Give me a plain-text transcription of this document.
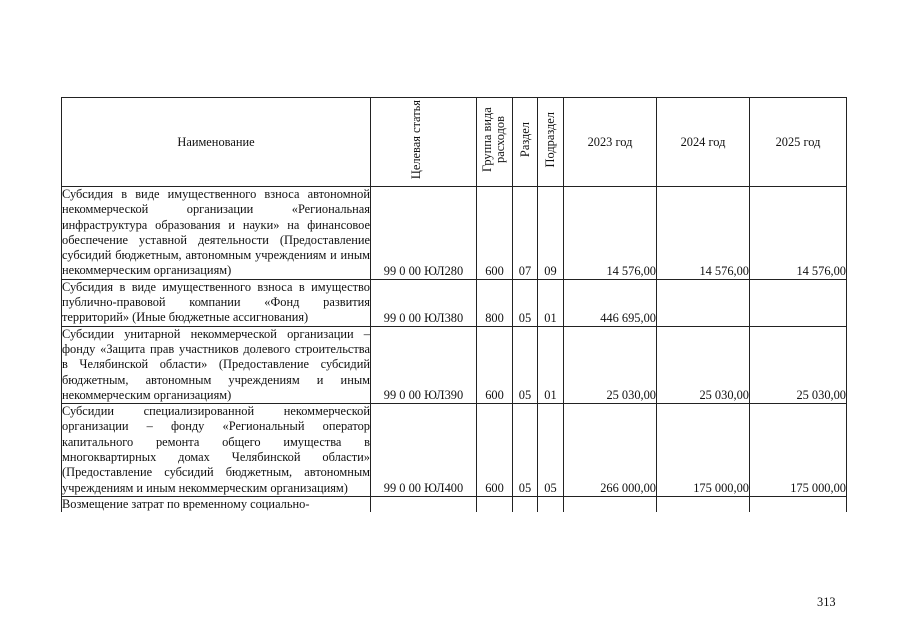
Наименование	Целевая статья	Группа вида расходов	Раздел	Подраздел	2023 год	2024 год	2025 год
Субсидия в виде имущественного взноса автономной некоммерческой организации «Региональная инфраструктура образования и науки» на финансовое обеспечение уставной деятельности (Предоставление субсидий бюджетным, автономным учреждениям и иным некоммерческим организациям)	99 0 00 ЮЛ280	600	07	09	14 576,00	14 576,00	14 576,00
Субсидия в виде имущественного взноса в имущество публично-правовой компании «Фонд развития территорий» (Иные бюджетные ассигнования)	99 0 00 ЮЛ380	800	05	01	446 695,00		
Субсидии унитарной некоммерческой организации – фонду «Защита прав участников долевого строительства в Челябинской области» (Предоставление субсидий бюджетным, автономным учреждениям и иным некоммерческим организациям)	99 0 00 ЮЛ390	600	05	01	25 030,00	25 030,00	25 030,00
Субсидии специализированной некоммерческой организации – фонду «Региональный оператор капитального ремонта общего имущества в многоквартирных домах Челябинской области» (Предоставление субсидий бюджетным, автономным учреждениям и иным некоммерческим организациям)	99 0 00 ЮЛ400	600	05	05	266 000,00	175 000,00	175 000,00
Возмещение затрат по временному социально-							
313
